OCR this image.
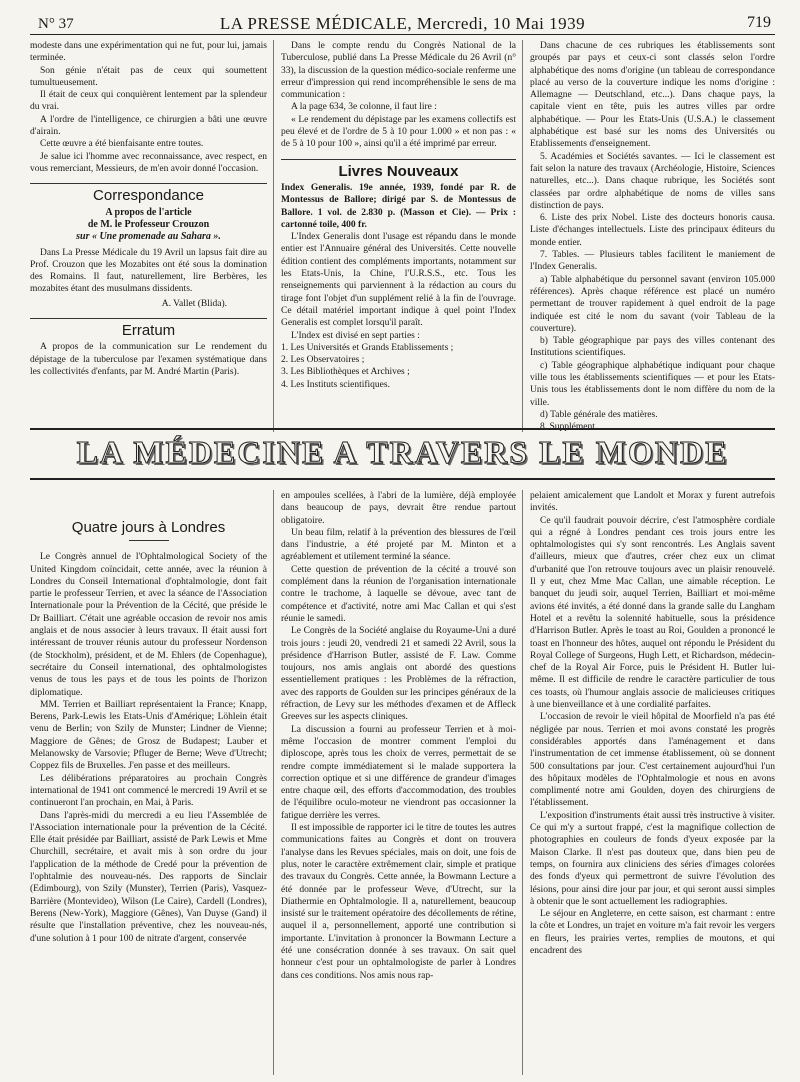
N° 37	LA PRESSE MÉDICALE, Mercredi, 10 Mai 1939	719

modeste dans une expérimentation qui ne fut, pour lui, jamais terminée.

Son génie n'était pas de ceux qui soumettent tumultueusement.

Il était de ceux qui conquièrent lentement par la splendeur du vrai.

A l'ordre de l'intelligence, ce chirurgien a bâti une œuvre d'airain.

Cette œuvre a été bienfaisante entre toutes.

Je salue ici l'homme avec reconnaissance, avec respect, en vous remerciant, Messieurs, de m'en avoir donné l'occasion.

Correspondance
A propos de l'article
de M. le Professeur Crouzon
sur « Une promenade au Sahara ».

Dans La Presse Médicale du 19 Avril un lapsus fait dire au Prof. Crouzon que les Mozabites ont été sous la domination des Romains. Il faut, naturellement, lire Berbères, les mozabites étant des musulmans dissidents.

A. Vallet (Blida).
Erratum

A propos de la communication sur Le rendement du dépistage de la tuberculose par l'examen systématique dans les collectivités d'enfants, par M. André Martin (Paris).

Dans le compte rendu du Congrès National de la Tuberculose, publié dans La Presse Médicale du 26 Avril (n° 33), la discussion de la question médico-sociale renferme une erreur d'impression qui rend incompréhensible le sens de ma communication :

A la page 634, 3e colonne, il faut lire :

« Le rendement du dépistage par les examens collectifs est peu élevé et de l'ordre de 5 à 10 pour 1.000 » et non pas : « de 5 à 10 pour 100 », ainsi qu'il a été imprimé par erreur.

Livres Nouveaux

Index Generalis. 19e année, 1939, fondé par R. de Montessus de Ballore; dirigé par S. de Montessus de Ballore. 1 vol. de 2.830 p. (Masson et Cie). — Prix : cartonné toile, 400 fr.

L'Index Generalis dont l'usage est répandu dans le monde entier est l'Annuaire général des Universités. Cette nouvelle édition contient des compléments importants, notamment sur les Etats-Unis, la Chine, l'U.R.S.S., etc. Tous les renseignements qui parviennent à la rédaction au cours du tirage font l'objet d'un supplément relié à la fin de l'ouvrage. Ce détail matériel important indique à quel point l'Index Generalis est complet lorsqu'il paraît.

L'Index est divisé en sept parties :

1. Les Universités et Grands Etablissements ;
2. Les Observatoires ;
3. Les Bibliothèques et Archives ;
4. Les Instituts scientifiques.

Dans chacune de ces rubriques les établissements sont groupés par pays et ceux-ci sont classés selon l'ordre alphabétique des noms d'origine (un tableau de correspondance placé au verso de la couverture indique les noms d'origine : Allemagne — Deutschland, etc...). Dans chaque pays, la capitale vient en tête, puis les autres villes par ordre alphabétique. — Pour les Etats-Unis (U.S.A.) le classement alphabétique est basé sur les noms des Universités ou Etablissements d'enseignement.

5. Académies et Sociétés savantes. — Ici le classement est fait selon la nature des travaux (Archéologie, Histoire, Sciences naturelles, etc...). Dans chaque rubrique, les Sociétés sont classées par ordre alphabétique de noms de villes sans distinction de pays.

6. Liste des prix Nobel. Liste des docteurs honoris causa. Liste d'échanges intellectuels. Liste des principaux éditeurs du monde entier.

7. Tables. — Plusieurs tables facilitent le maniement de l'Index Generalis.

a) Table alphabétique du personnel savant (environ 105.000 références). Après chaque référence est placé un numéro permettant de trouver rapidement à quel endroit de la page indiquée est cité le nom du savant (voir Tableau de la couverture).

b) Table géographique par pays des villes contenant des Institutions scientifiques.

c) Table géographique alphabétique indiquant pour chaque ville tous les établissements scientifiques — et pour les Etats-Unis tous les établissements dont le nom diffère du nom de la ville.

d) Table générale des matières.

8. Supplément.

LA MÉDECINE A TRAVERS LE MONDE
Quatre jours à Londres

Le Congrès annuel de l'Ophtalmological Society of the United Kingdom coïncidait, cette année, avec la réunion à Londres du Conseil International d'ophtalmologie, dont fait partie le professeur Terrien, et avec la séance de l'Association Internationale pour la Prévention de la Cécité, que préside le Dr Bailliart. C'était une agréable occasion de revoir nos amis anglais et de nous associer à leurs travaux. Il était aussi fort intéressant de trouver réunis autour du professeur Nordenson (de Stockholm), président, et de M. Ehlers (de Copenhague), secrétaire du Conseil international, des ophtalmologistes venus de tous les pays et de tous les points de l'horizon diplomatique.

MM. Terrien et Bailliart représentaient la France; Knapp, Berens, Park-Lewis les Etats-Unis d'Amérique; Löhlein était venu de Berlin; von Szily de Munster; Lindner de Vienne; Maggiore de Gênes; de Grosz de Budapest; Lauber et Melanowsky de Varsovie; Pfluger de Berne; Weve d'Utrecht; Coppez fils de Bruxelles. J'en passe et des meilleurs.

Les délibérations préparatoires au prochain Congrès international de 1941 ont commencé le mercredi 19 Avril et se continueront l'an prochain, en Mai, à Paris.

Dans l'après-midi du mercredi a eu lieu l'Assemblée de l'Association internationale pour la prévention de la Cécité. Elle était présidée par Bailliart, assisté de Park Lewis et Mme Churchill, secrétaire, et avait mis à son ordre du jour l'application de la méthode de Credé pour la prévention de l'ophtalmie des nouveau-nés. Des rapports de Sinclair (Edimbourg), von Szily (Munster), Terrien (Paris), Vasquez-Barrière (Montevideo), Wilson (Le Caire), Cardell (Londres), Berens (New-York), Maggiore (Gênes), Van Duyse (Gand) il résulte que l'installation préventive, chez les nouveau-nés, d'une solution à 1 pour 100 de nitrate d'argent, conservée

en ampoules scellées, à l'abri de la lumière, déjà employée dans beaucoup de pays, devrait être rendue partout obligatoire.

Un beau film, relatif à la prévention des blessures de l'œil dans l'industrie, a été projeté par M. Minton et a agréablement et utilement terminé la séance.

Cette question de prévention de la cécité a trouvé son complément dans la réunion de l'organisation internationale contre le trachome, à laquelle se dévoue, avec tant de compétence et d'activité, notre ami Mac Callan et qui s'est réunie le samedi.

Le Congrès de la Société anglaise du Royaume-Uni a duré trois jours : jeudi 20, vendredi 21 et samedi 22 Avril, sous la présidence d'Harrison Butler, assisté de F. Law. Comme toujours, nos amis anglais ont abordé des questions essentiellement pratiques : les Problèmes de la réfraction, avec des rapports de Goulden sur les principes généraux de la réfraction, de Levy sur les méthodes d'examen et de Affleck Greeves sur les aspects cliniques.

La discussion a fourni au professeur Terrien et à moi-même l'occasion de montrer comment l'emploi du diploscope, après tous les choix de verres, permettait de se rendre compte immédiatement si le malade supportera la correction optique et si une différence de grandeur d'images entre chaque œil, des efforts d'accommodation, des troubles de l'équilibre oculo-moteur ne viendront pas occasionner la fatigue derrière les verres.

Il est impossible de rapporter ici le titre de toutes les autres communications faites au Congrès et dont on trouvera l'analyse dans les Revues spéciales, mais on doit, une fois de plus, noter le caractère extrêmement clair, simple et pratique des travaux du Congrès. Cette année, la Bowmann Lecture a été donnée par le professeur Weve, d'Utrecht, sur la Diathermie en Ophtalmologie. Il a, naturellement, beaucoup insisté sur le traitement opératoire des décollements de rétine, auquel il a, personnellement, apporté une contribution si importante. L'invitation à prononcer la Bowmann Lecture a été une consécration donnée à ses travaux. On sait quel honneur c'est pour un ophtalmologiste de parler à Londres dans ces conditions. Nos amis nous rap-

pelaient amicalement que Landolt et Morax y furent autrefois invités.

Ce qu'il faudrait pouvoir décrire, c'est l'atmosphère cordiale qui a régné à Londres pendant ces trois jours entre les ophtalmologistes qui s'y sont rencontrés. Les Anglais savent d'ailleurs, mieux que d'autres, créer chez eux un climat d'urbanité que l'on retrouve toujours avec un plaisir renouvelé. Il y eut, chez Mme Mac Callan, une aimable réception. Le banquet du jeudi soir, auquel Terrien, Bailliart et moi-même avions été invités, a été donné dans la grande salle du Langham Hotel et a revêtu la solennité habituelle, sous la présidence d'Harrison Butler. Après le toast au Roi, Goulden a prononcé le toast en l'honneur des hôtes, auquel ont répondu le Président du Royal College of Surgeons, Hugh Lett, et Richardson, médecin-chef de la Royal Air Force, puis le Président H. Butler lui-même. Il est difficile de rendre le caractère particulier de tous ces toasts, où l'humour anglais associe de malicieuses critiques à une bienveillance et à une cordialité parfaites.

L'occasion de revoir le vieil hôpital de Moorfield n'a pas été négligée par nous. Terrien et moi avons constaté les progrès considérables apportés dans l'aménagement et dans l'instrumentation de cet immense établissement, où se donnent 500 consultations par jour. C'est certainement aujourd'hui l'un des hôpitaux modèles de l'Ophtalmologie et nous en avons complimenté notre ami Goulden, doyen des chirurgiens de l'établissement.

L'exposition d'instruments était aussi très instructive à visiter. Ce qui m'y a surtout frappé, c'est la magnifique collection de photographies en couleurs de fonds d'yeux exposée par la Maison Clarke. Il n'est pas douteux que, dans bien peu de temps, on fournira aux cliniciens des séries d'images colorées des fonds d'yeux qui permettront de suivre l'évolution des lésions, pour ainsi dire jour par jour, et qui seront aussi simples à obtenir que le sont actuellement les radiographies.

Le séjour en Angleterre, en cette saison, est charmant : entre la côte et Londres, un trajet en voiture m'a fait revoir les vergers en fleurs, les prairies vertes, remplies de moutons, et qui encadrent des
